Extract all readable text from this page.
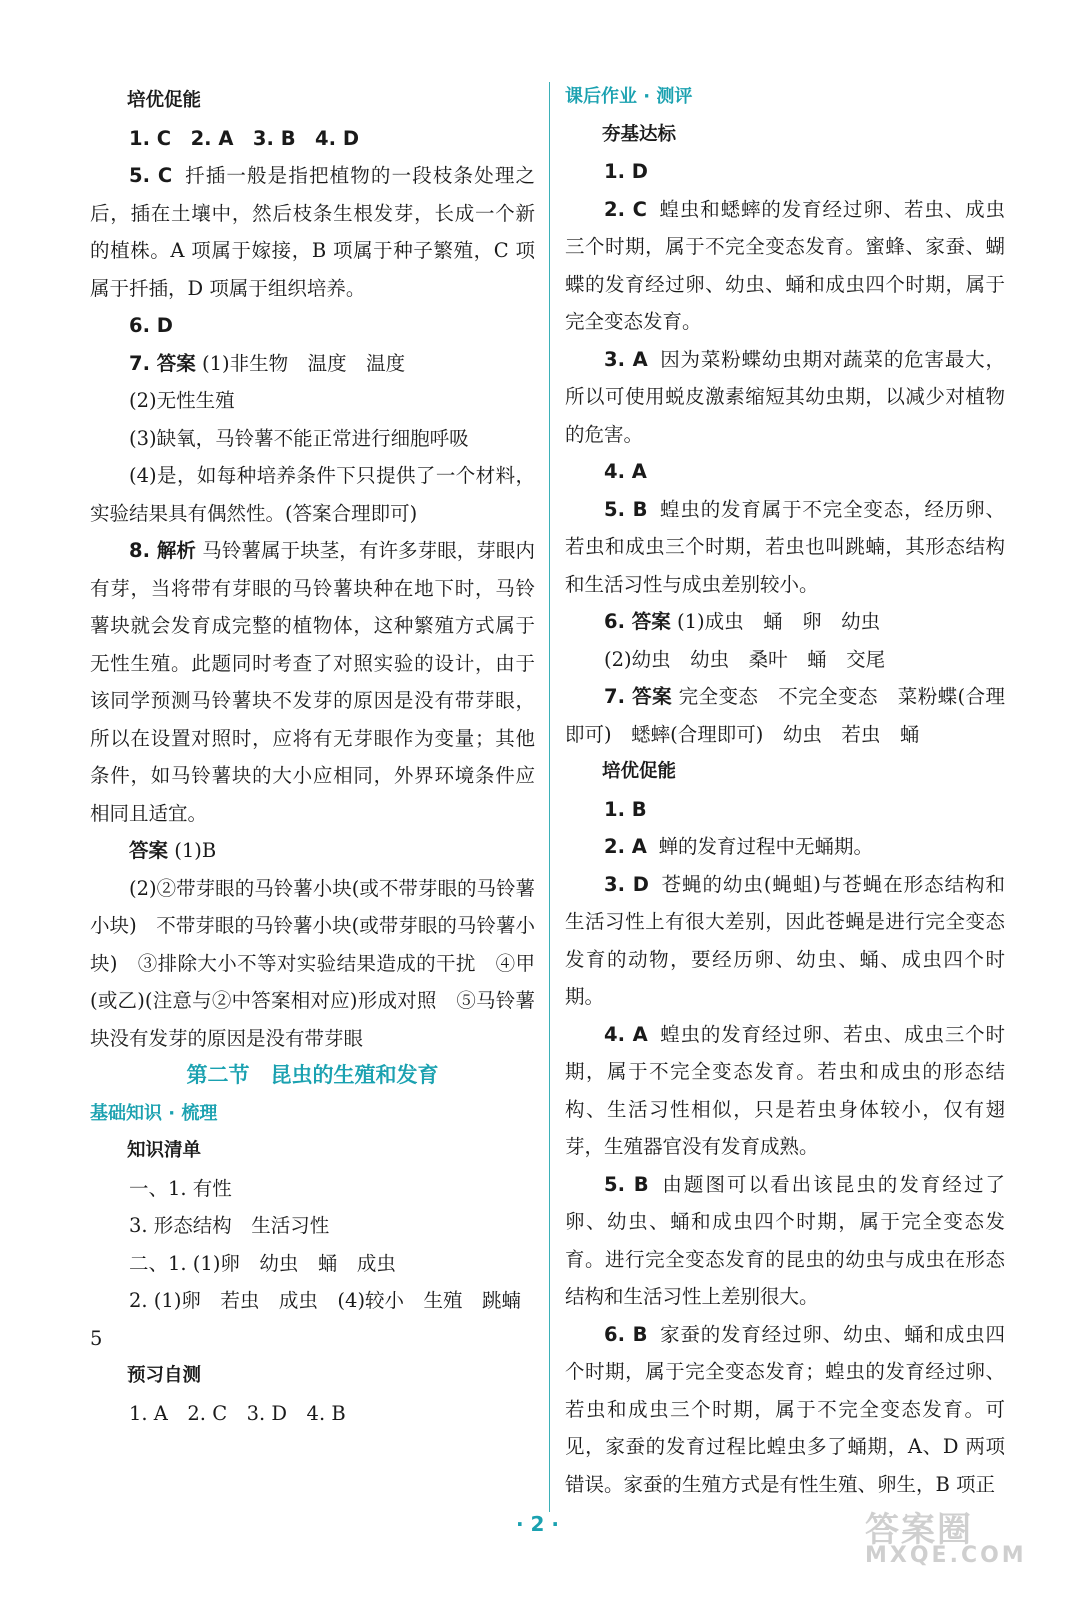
培优促能

1. C　2. A　3. B　4. D

5. C 扦插一般是指把植物的一段枝条处理之后，插在土壤中，然后枝条生根发芽，长成一个新的植株。A 项属于嫁接，B 项属于种子繁殖，C 项属于扦插，D 项属于组织培养。

6. D

7. 答案 (1)非生物　温度　温度

(2)无性生殖

(3)缺氧，马铃薯不能正常进行细胞呼吸

(4)是，如每种培养条件下只提供了一个材料，实验结果具有偶然性。(答案合理即可)

8. 解析 马铃薯属于块茎，有许多芽眼，芽眼内有芽，当将带有芽眼的马铃薯块种在地下时，马铃薯块就会发育成完整的植物体，这种繁殖方式属于无性生殖。此题同时考查了对照实验的设计，由于该同学预测马铃薯块不发芽的原因是没有带芽眼，所以在设置对照时，应将有无芽眼作为变量；其他条件，如马铃薯块的大小应相同，外界环境条件应相同且适宜。

答案 (1)B

(2)②带芽眼的马铃薯小块(或不带芽眼的马铃薯小块)　不带芽眼的马铃薯小块(或带芽眼的马铃薯小块)　③排除大小不等对实验结果造成的干扰　④甲(或乙)(注意与②中答案相对应)形成对照　⑤马铃薯块没有发芽的原因是没有带芽眼

第二节　昆虫的生殖和发育

基础知识 · 梳理

知识清单

一、1. 有性

3. 形态结构　生活习性

二、1. (1)卵　幼虫　蛹　成虫

2. (1)卵　若虫　成虫　(4)较小　生殖　跳蝻　5

预习自测

1. A　2. C　3. D　4. B

课后作业 · 测评

夯基达标

1. D

2. C 蝗虫和蟋蟀的发育经过卵、若虫、成虫三个时期，属于不完全变态发育。蜜蜂、家蚕、蝴蝶的发育经过卵、幼虫、蛹和成虫四个时期，属于完全变态发育。

3. A 因为菜粉蝶幼虫期对蔬菜的危害最大，所以可使用蜕皮激素缩短其幼虫期，以减少对植物的危害。

4. A

5. B 蝗虫的发育属于不完全变态，经历卵、若虫和成虫三个时期，若虫也叫跳蝻，其形态结构和生活习性与成虫差别较小。

6. 答案 (1)成虫　蛹　卵　幼虫

(2)幼虫　幼虫　桑叶　蛹　交尾

7. 答案 完全变态　不完全变态　菜粉蝶(合理即可)　蟋蟀(合理即可)　幼虫　若虫　蛹

培优促能

1. B

2. A 蝉的发育过程中无蛹期。

3. D 苍蝇的幼虫(蝇蛆)与苍蝇在形态结构和生活习性上有很大差别，因此苍蝇是进行完全变态发育的动物，要经历卵、幼虫、蛹、成虫四个时期。

4. A 蝗虫的发育经过卵、若虫、成虫三个时期，属于不完全变态发育。若虫和成虫的形态结构、生活习性相似，只是若虫身体较小，仅有翅芽，生殖器官没有发育成熟。

5. B 由题图可以看出该昆虫的发育经过了卵、幼虫、蛹和成虫四个时期，属于完全变态发育。进行完全变态发育的昆虫的幼虫与成虫在形态结构和生活习性上差别很大。

6. B 家蚕的发育经过卵、幼虫、蛹和成虫四个时期，属于完全变态发育；蝗虫的发育经过卵、若虫和成虫三个时期，属于不完全变态发育。可见，家蚕的发育过程比蝗虫多了蛹期，A、D 两项错误。家蚕的生殖方式是有性生殖、卵生，B 项正

· 2 ·	答案圈
MXQE.COM
